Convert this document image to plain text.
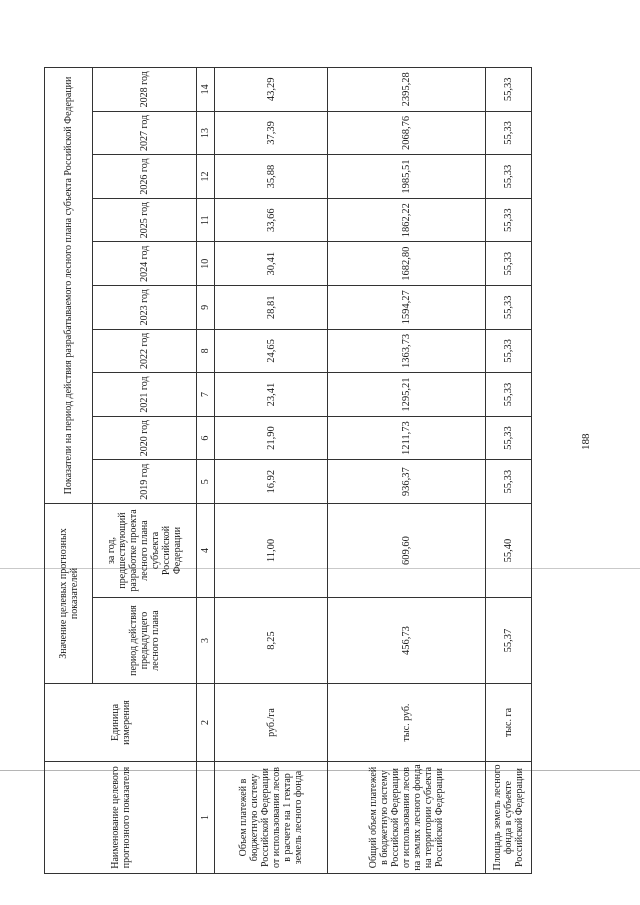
Наименование целевого прогнозного показателя	Единица измерения	Значение целевых прогнозных показателей		Показатели на период действия разрабатываемого лесного плана субъекта Российской Федерации									
		период действия предыдущего лесного плана	за год, предшествующий разработке проекта лесного плана субъекта Российской Федерации	2019 год	2020 год	2021 год	2022 год	2023 год	2024 год	2025 год	2026 год	2027 год	2028 год
1	2	3	4	5	6	7	8	9	10	11	12	13	14
Объем платежей в бюджетную систему Российской Федерации от использования лесов в расчете на 1 гектар земель лесного фонда	руб./га	8,25	11,00	16,92	21,90	23,41	24,65	28,81	30,41	33,66	35,88	37,39	43,29
Общий объем платежей в бюджетную систему Российской Федерации от использования лесов на землях лесного фонда на территории субъекта Российской Федерации	тыс. руб.	456,73	609,60	936,37	1211,73	1295,21	1363,73	1594,27	1682,80	1862,22	1985,51	2068,76	2395,28
Площадь земель лесного фонда в субъекте Российской Федерации	тыс. га	55,37	55,40	55,33	55,33	55,33	55,33	55,33	55,33	55,33	55,33	55,33	55,33
188
